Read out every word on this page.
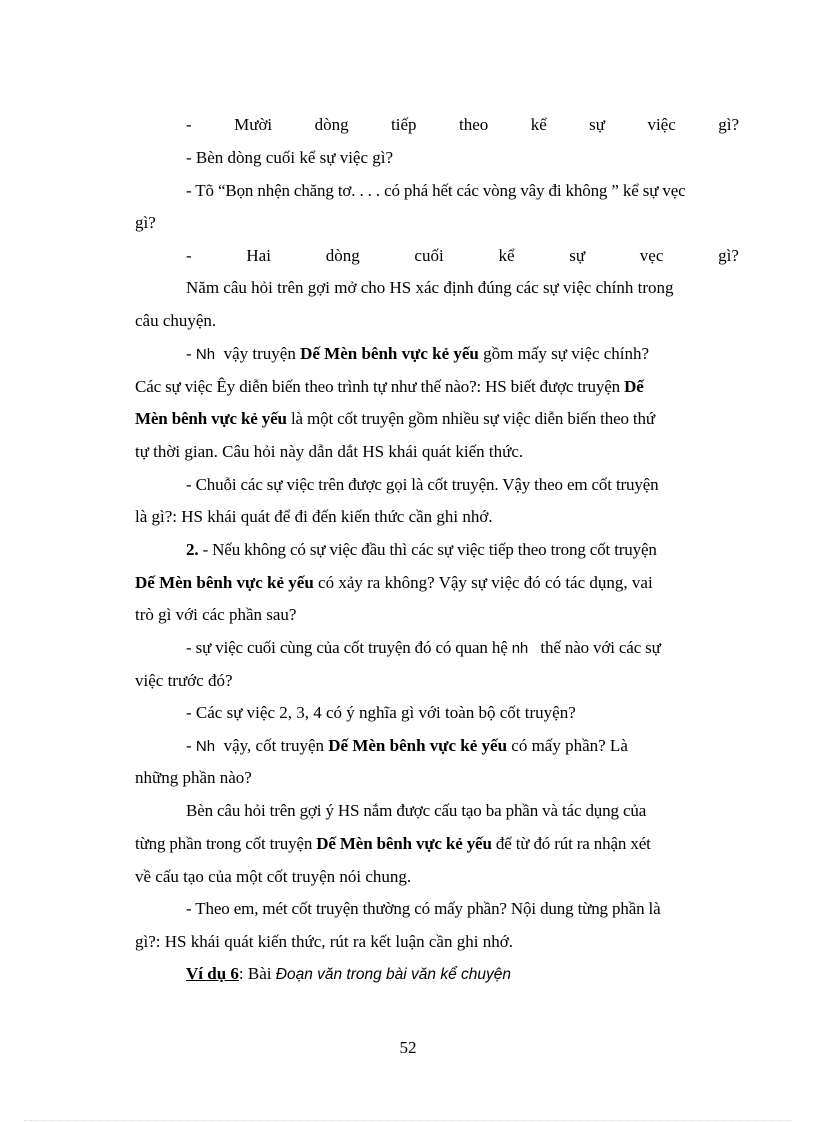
- Mười dòng tiếp theo kể sự việc gì?
- Bèn dòng cuối kể sự việc gì?
- Tõ “Bọn nhện chăng tơ. . . . có phá hết các vòng vây đi không ” kể sự vẹc
gì?
-	Hai	dòng	cuối	kể	sự	vẹc	gì?
Năm câu hỏi trên gợi mở cho HS xác định đúng các sự việc chính trong
câu chuyện.
- Nh vậy truyện Dế Mèn bênh vực kẻ yếu gồm mấy sự việc chính?
Các sự việc Êy diễn biến theo trình tự như thế nào?: HS biết được truyện Dế
Mèn bênh vực kẻ yếu là một cốt truyện gồm nhiều sự việc diễn biến theo thứ
tự thời gian. Câu hỏi này dẫn dắt HS khái quát kiến thức.
- Chuỗi các sự việc trên được gọi là cốt truyện. Vậy theo em cốt truyện
là gì?: HS khái quát để đi đến kiến thức cần ghi nhớ.
2. - Nếu không có sự việc đầu thì các sự việc tiếp theo trong cốt truyện
Dế Mèn bênh vực kẻ yếu có xảy ra không? Vậy sự việc đó có tác dụng, vai
trò gì với các phần sau?
- sự việc cuối cùng của cốt truyện đó có quan hệ nh thế nào với các sự
việc trước đó?
- Các sự việc 2, 3, 4 có ý nghĩa gì với toàn bộ cốt truyện?
- Nh vậy, cốt truyện Dế Mèn bênh vực kẻ yếu có mấy phần? Là
những phần nào?
Bèn câu hỏi trên gợi ý HS nắm được cấu tạo ba phần và tác dụng của
từng phần trong cốt truyện Dế Mèn bênh vực kẻ yếu để từ đó rút ra nhận xét
về cấu tạo của một cốt truyện nói chung.
- Theo em, mét cốt truyện thường có mấy phần? Nội dung từng phần là
gì?: HS khái quát kiến thức, rút ra kết luận cần ghi nhớ.
Ví dụ 6: Bài Đoạn văn trong bài văn kể chuyện
52
